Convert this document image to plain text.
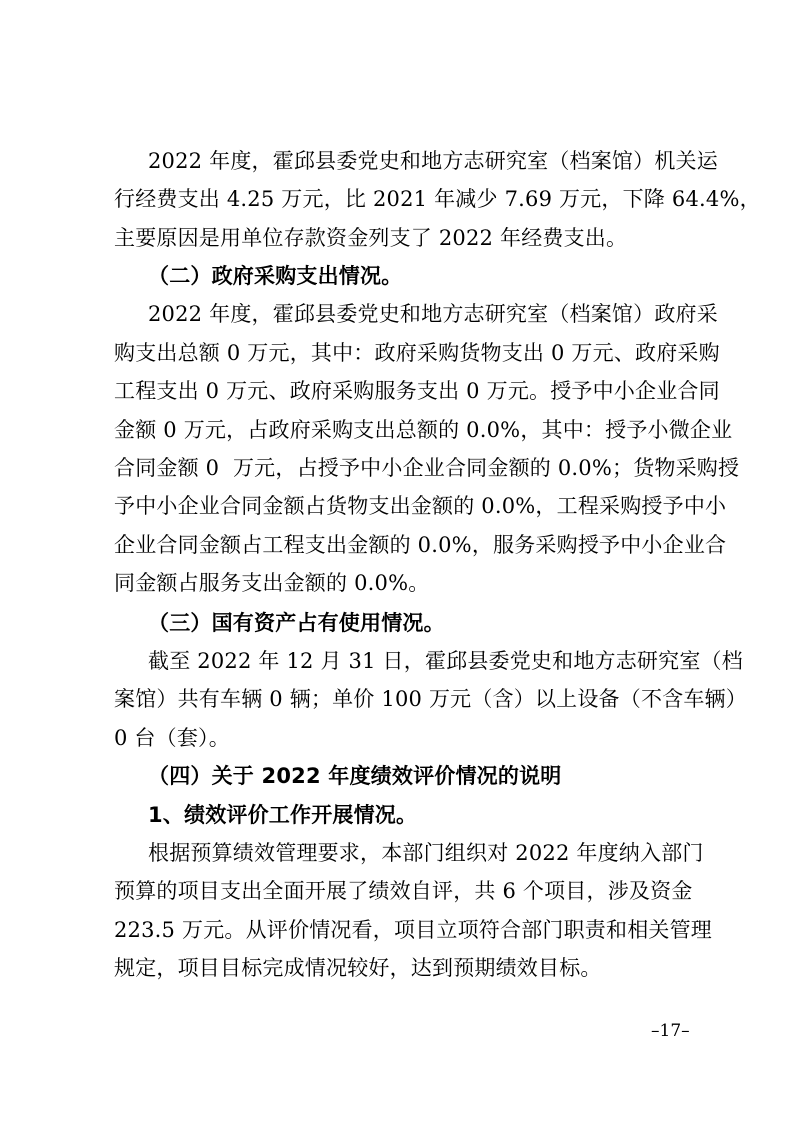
2022 年度，霍邱县委党史和地方志研究室（档案馆）机关运

行经费支出 4.25 万元，比 2021 年减少 7.69 万元，下降 64.4%，

主要原因是用单位存款资金列支了 2022 年经费支出。

（二）政府采购支出情况。

2022 年度，霍邱县委党史和地方志研究室（档案馆）政府采

购支出总额 0 万元，其中：政府采购货物支出 0 万元、政府采购

工程支出 0 万元、政府采购服务支出 0 万元。授予中小企业合同

金额 0 万元，占政府采购支出总额的 0.0%，其中：授予小微企业

合同金额 0  万元，占授予中小企业合同金额的 0.0%；货物采购授

予中小企业合同金额占货物支出金额的 0.0%，工程采购授予中小

企业合同金额占工程支出金额的 0.0%，服务采购授予中小企业合

同金额占服务支出金额的 0.0%。

（三）国有资产占有使用情况。

截至 2022 年 12 月 31 日，霍邱县委党史和地方志研究室（档

案馆）共有车辆 0 辆；单价 100 万元（含）以上设备（不含车辆）

0 台（套）。

（四）关于 2022 年度绩效评价情况的说明

1、绩效评价工作开展情况。

根据预算绩效管理要求，本部门组织对 2022 年度纳入部门

预算的项目支出全面开展了绩效自评，共 6 个项目，涉及资金

223.5 万元。从评价情况看，项目立项符合部门职责和相关管理

规定，项目目标完成情况较好，达到预期绩效目标。

–17–
